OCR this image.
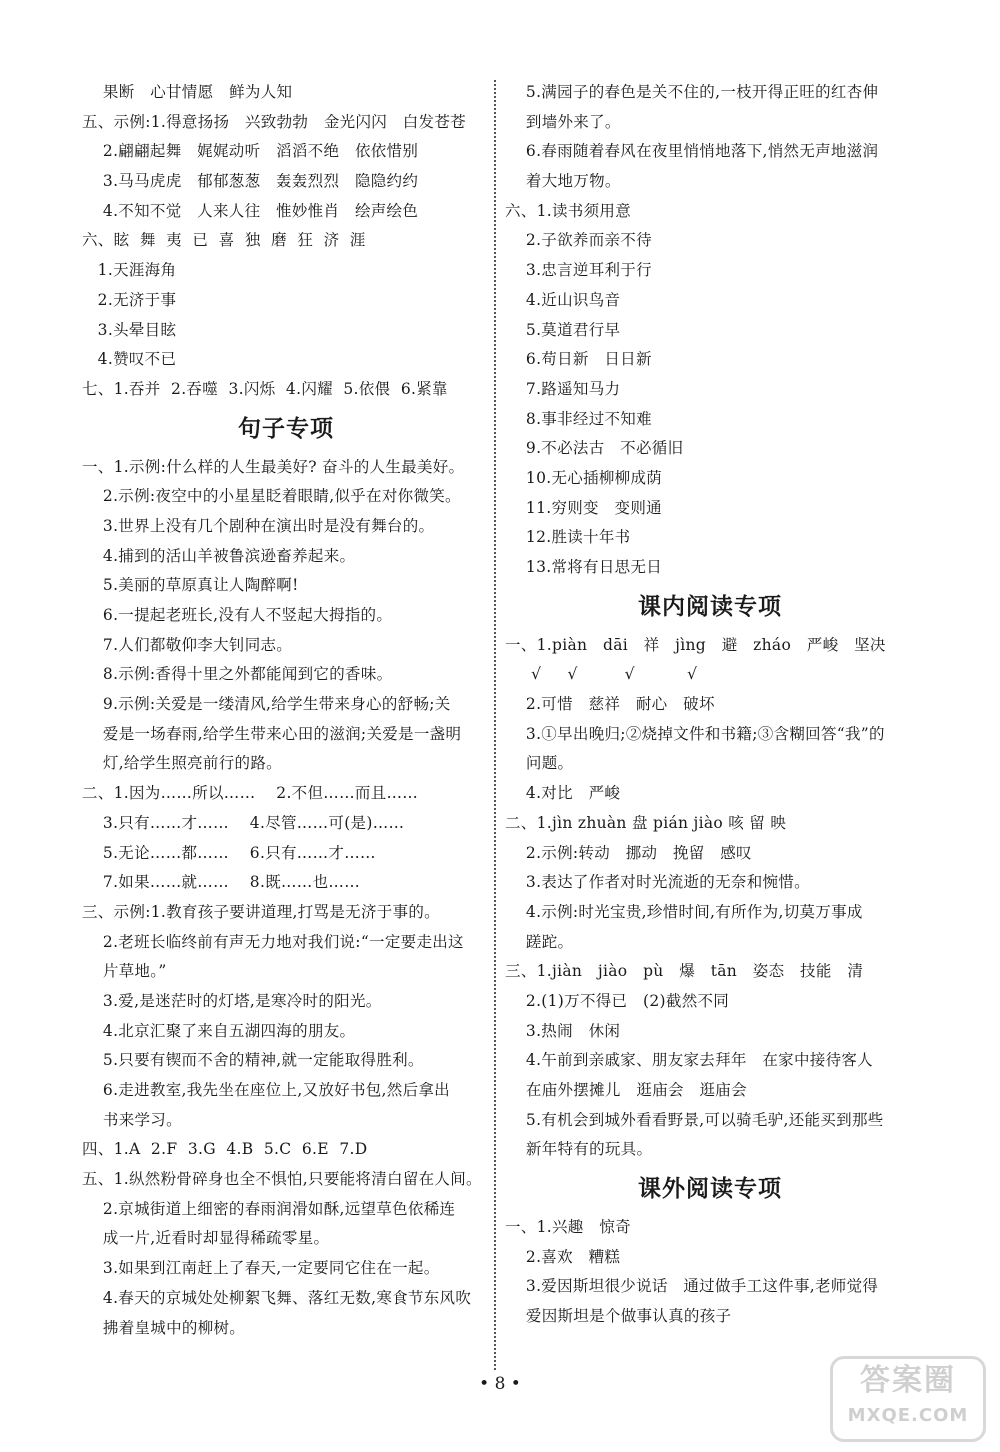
果断   心甘情愿   鲜为人知
五、示例:1.得意扬扬   兴致勃勃   金光闪闪   白发苍苍
2.翩翩起舞   娓娓动听   滔滔不绝   依依惜别
3.马马虎虎   郁郁葱葱   轰轰烈烈   隐隐约约
4.不知不觉   人来人往   惟妙惟肖   绘声绘色
六、眩  舞  夷  已  喜  独  磨  狂  济  涯
1.天涯海角
2.无济于事
3.头晕目眩
4.赞叹不已
七、1.吞并  2.吞噬  3.闪烁  4.闪耀  5.依偎  6.紧靠
句子专项
一、1.示例:什么样的人生最美好? 奋斗的人生最美好。
2.示例:夜空中的小星星眨着眼睛,似乎在对你微笑。
3.世界上没有几个剧种在演出时是没有舞台的。
4.捕到的活山羊被鲁滨逊畜养起来。
5.美丽的草原真让人陶醉啊!
6.一提起老班长,没有人不竖起大拇指的。
7.人们都敬仰李大钊同志。
8.示例:香得十里之外都能闻到它的香味。
9.示例:关爱是一缕清风,给学生带来身心的舒畅;关
爱是一场春雨,给学生带来心田的滋润;关爱是一盏明
灯,给学生照亮前行的路。
二、1.因为……所以……    2.不但……而且……
3.只有……才……    4.尽管……可(是)……
5.无论……都……    6.只有……才……
7.如果……就……    8.既……也……
三、示例:1.教育孩子要讲道理,打骂是无济于事的。
2.老班长临终前有声无力地对我们说:“一定要走出这
片草地。”
3.爱,是迷茫时的灯塔,是寒冷时的阳光。
4.北京汇聚了来自五湖四海的朋友。
5.只要有锲而不舍的精神,就一定能取得胜利。
6.走进教室,我先坐在座位上,又放好书包,然后拿出
书来学习。
四、1.A  2.F  3.G  4.B  5.C  6.E  7.D
五、1.纵然粉骨碎身也全不惧怕,只要能将清白留在人间。
2.京城街道上细密的春雨润滑如酥,远望草色依稀连
成一片,近看时却显得稀疏零星。
3.如果到江南赶上了春天,一定要同它住在一起。
4.春天的京城处处柳絮飞舞、落红无数,寒食节东风吹
拂着皇城中的柳树。
5.满园子的春色是关不住的,一枝开得正旺的红杏伸
到墙外来了。
6.春雨随着春风在夜里悄悄地落下,悄然无声地滋润
着大地万物。
六、1.读书须用意
2.子欲养而亲不待
3.忠言逆耳利于行
4.近山识鸟音
5.莫道君行早
6.苟日新   日日新
7.路遥知马力
8.事非经过不知难
9.不必法古   不必循旧
10.无心插柳柳成荫
11.穷则变   变则通
12.胜读十年书
13.常将有日思无日
课内阅读专项
一、1.piàn   dāi   祥   jìng   避   zháo   严峻   坚决
√     √         √          √
2.可惜   慈祥   耐心   破坏
3.①早出晚归;②烧掉文件和书籍;③含糊回答“我”的
问题。
4.对比   严峻
二、1.jìn zhuàn 盘 pián jiào 咳 留 映
2.示例:转动   挪动   挽留   感叹
3.表达了作者对时光流逝的无奈和惋惜。
4.示例:时光宝贵,珍惜时间,有所作为,切莫万事成
蹉跎。
三、1.jiàn   jiào   pù   爆   tān   姿态   技能   清
2.(1)万不得已   (2)截然不同
3.热闹   休闲
4.午前到亲戚家、朋友家去拜年   在家中接待客人
在庙外摆摊儿   逛庙会   逛庙会
5.有机会到城外看看野景,可以骑毛驴,还能买到那些
新年特有的玩具。
课外阅读专项
一、1.兴趣   惊奇
2.喜欢   糟糕
3.爱因斯坦很少说话   通过做手工这件事,老师觉得
爱因斯坦是个做事认真的孩子
• 8 •	答案圈
MXQE.COM
